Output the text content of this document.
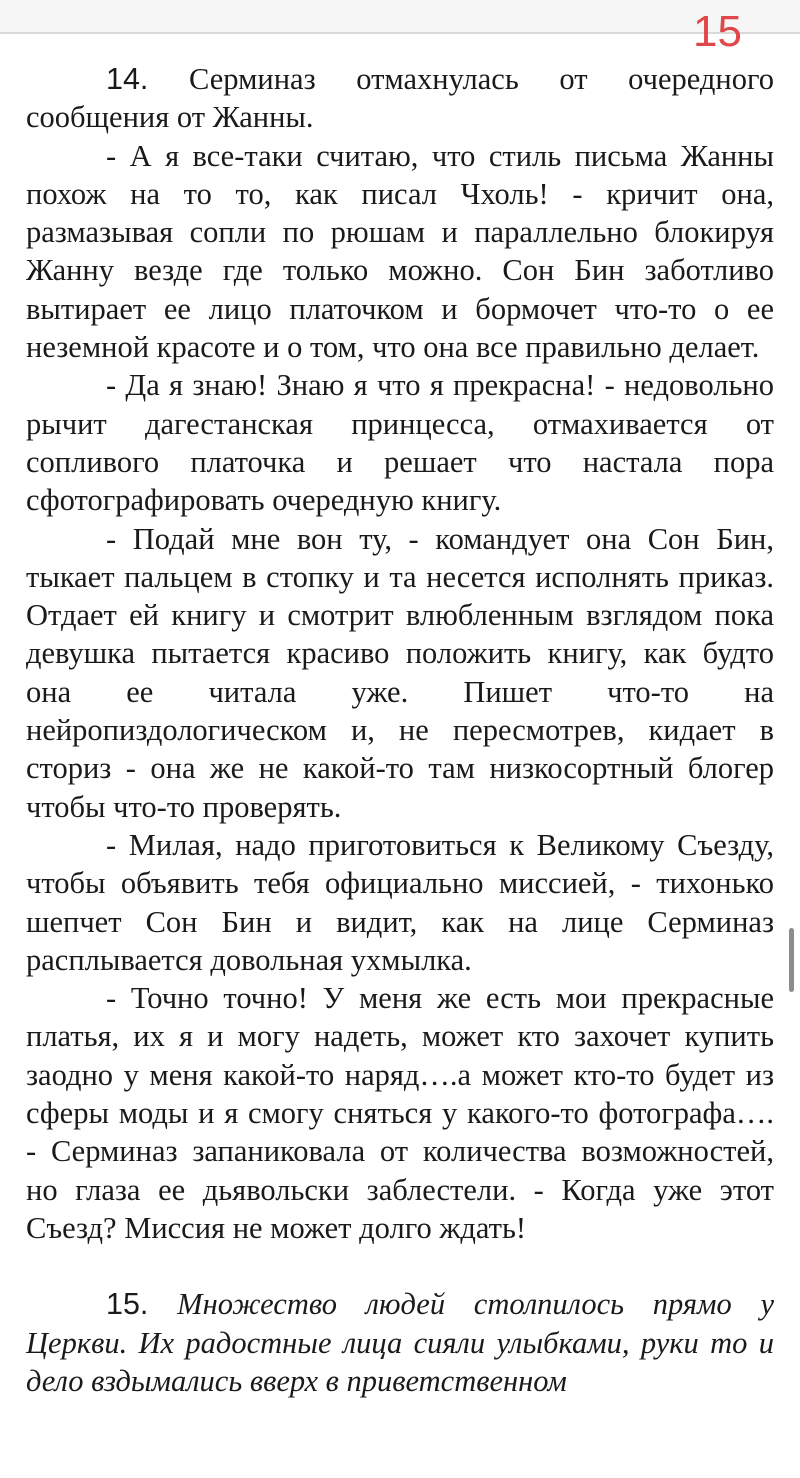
15

14. Серминаз отмахнулась от очередного сообщения от Жанны.

- А я все-таки считаю, что стиль письма Жанны похож на то то, как писал Чхоль! - кричит она, размазывая сопли по рюшам и параллельно блокируя Жанну везде где только можно. Сон Бин заботливо вытирает ее лицо платочком и бормочет что-то о ее неземной красоте и о том, что она все правильно делает.

- Да я знаю! Знаю я что я прекрасна! - недовольно рычит дагестанская принцесса, отмахивается от сопливого платочка и решает что настала пора сфотографировать очередную книгу.

- Подай мне вон ту, - командует она Сон Бин, тыкает пальцем в стопку и та несется исполнять приказ. Отдает ей книгу и смотрит влюбленным взглядом пока девушка пытается красиво положить книгу, как будто она ее читала уже. Пишет что-то на нейропиздологическом и, не пересмотрев, кидает в сториз - она же не какой-то там низкосортный блогер чтобы что-то проверять.

- Милая, надо приготовиться к Великому Съезду, чтобы объявить тебя официально миссией, - тихонько шепчет Сон Бин и видит, как на лице Серминаз расплывается довольная ухмылка.

- Точно точно! У меня же есть мои прекрасные платья, их я и могу надеть, может кто захочет купить заодно у меня какой-то наряд….а может кто-то будет из сферы моды и я смогу сняться у какого-то фотографа…. - Серминаз запаниковала от количества возможностей, но глаза ее дьявольски заблестели. - Когда уже этот Съезд? Миссия не может долго ждать!

15. Множество людей столпилось прямо у Церкви. Их радостные лица сияли улыбками, руки то и дело вздымались вверх в приветственном
